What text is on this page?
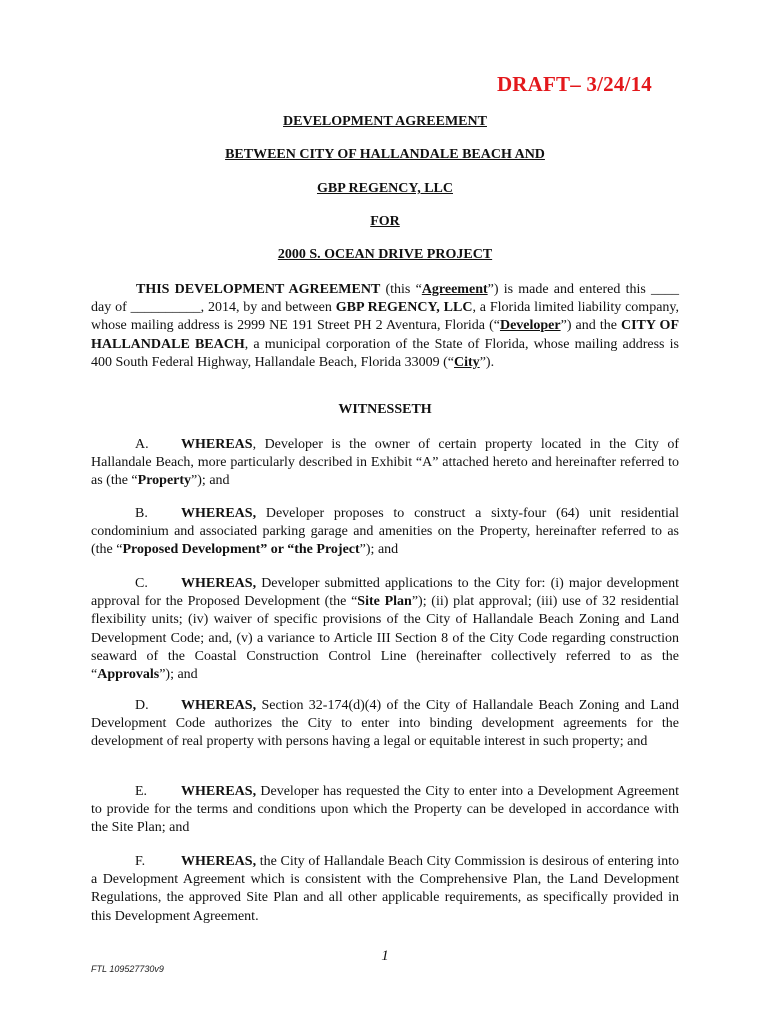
DRAFT– 3/24/14
DEVELOPMENT AGREEMENT
BETWEEN CITY OF HALLANDALE BEACH AND
GBP REGENCY, LLC
FOR
2000 S. OCEAN DRIVE PROJECT

THIS DEVELOPMENT AGREEMENT (this “Agreement”) is made and entered this ____ day of __________, 2014, by and between GBP REGENCY, LLC, a Florida limited liability company, whose mailing address is 2999 NE 191 Street PH 2 Aventura, Florida (“Developer”) and the CITY OF HALLANDALE BEACH, a municipal corporation of the State of Florida, whose mailing address is 400 South Federal Highway, Hallandale Beach, Florida 33009 (“City”).

WITNESSETH

A. WHEREAS, Developer is the owner of certain property located in the City of Hallandale Beach, more particularly described in Exhibit “A” attached hereto and hereinafter referred to as (the “Property”); and

B. WHEREAS, Developer proposes to construct a sixty-four (64) unit residential condominium and associated parking garage and amenities on the Property, hereinafter referred to as (the “Proposed Development” or “the Project”); and

C. WHEREAS, Developer submitted applications to the City for: (i) major development approval for the Proposed Development (the “Site Plan”); (ii) plat approval; (iii) use of 32 residential flexibility units; (iv) waiver of specific provisions of the City of Hallandale Beach Zoning and Land Development Code; and, (v) a variance to Article III Section 8 of the City Code regarding construction seaward of the Coastal Construction Control Line (hereinafter collectively referred to as the “Approvals”); and

D. WHEREAS, Section 32-174(d)(4) of the City of Hallandale Beach Zoning and Land Development Code authorizes the City to enter into binding development agreements for the development of real property with persons having a legal or equitable interest in such property; and

E. WHEREAS, Developer has requested the City to enter into a Development Agreement to provide for the terms and conditions upon which the Property can be developed in accordance with the Site Plan; and

F.	WHEREAS, the City of Hallandale Beach City Commission is desirous of entering into a Development Agreement which is consistent with the Comprehensive Plan, the Land Development Regulations, the approved Site Plan and all other applicable requirements, as specifically provided in this Development Agreement.

1
FTL 109527730v9
